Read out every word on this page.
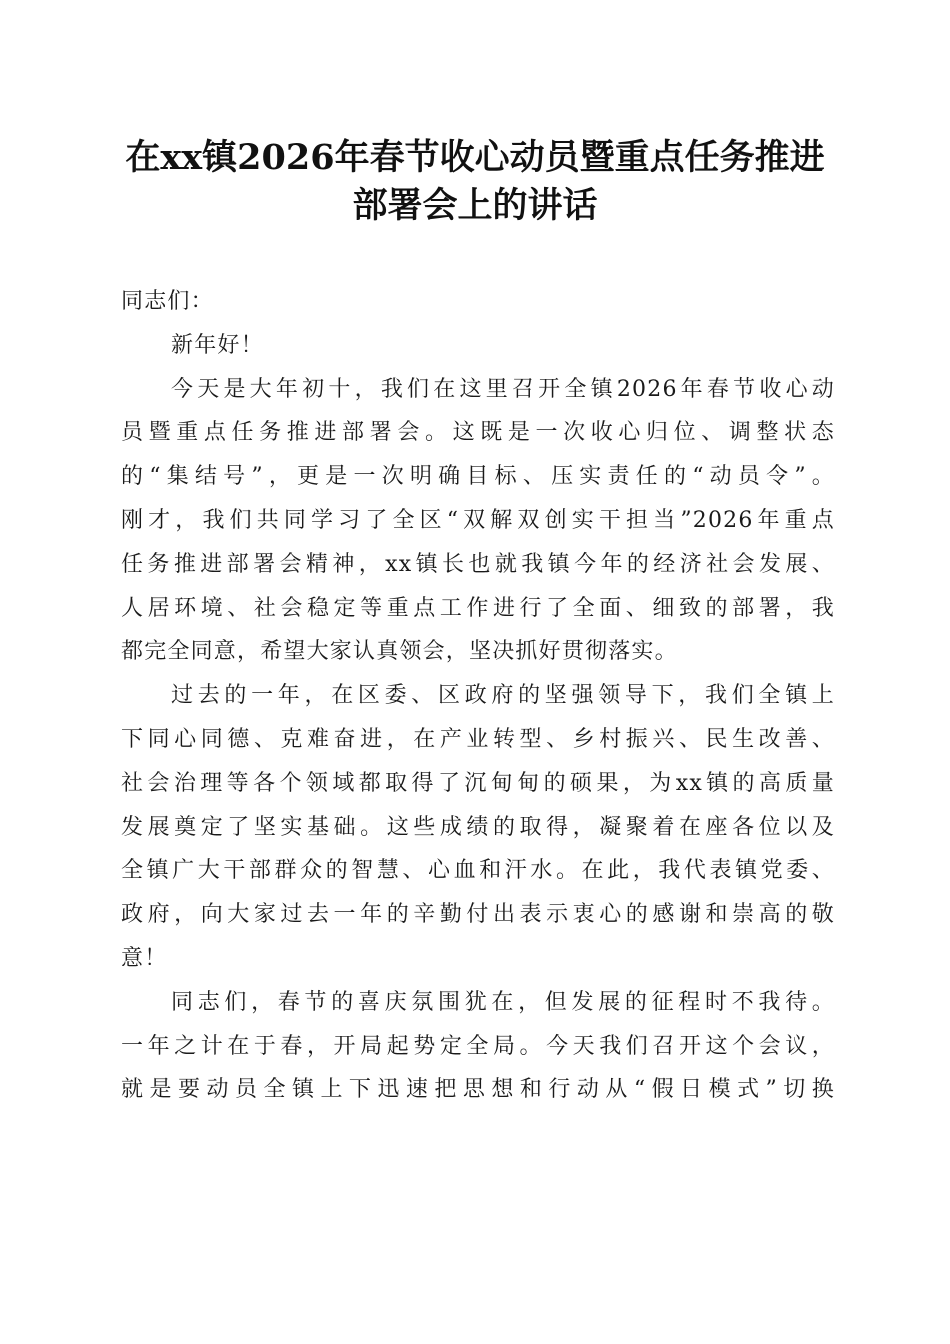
在xx镇2026年春节收心动员暨重点任务推进
部署会上的讲话
同志们：
新年好！
今天是大年初十，我们在这里召开全镇2026年春节收心动
员暨重点任务推进部署会。这既是一次收心归位、调整状态
的“集结号”，更是一次明确目标、压实责任的“动员令”。
刚才，我们共同学习了全区“双解双创实干担当”2026年重点
任务推进部署会精神，xx镇长也就我镇今年的经济社会发展、
人居环境、社会稳定等重点工作进行了全面、细致的部署，我
都完全同意，希望大家认真领会，坚决抓好贯彻落实。
过去的一年，在区委、区政府的坚强领导下，我们全镇上
下同心同德、克难奋进，在产业转型、乡村振兴、民生改善、
社会治理等各个领域都取得了沉甸甸的硕果，为xx镇的高质量
发展奠定了坚实基础。这些成绩的取得，凝聚着在座各位以及
全镇广大干部群众的智慧、心血和汗水。在此，我代表镇党委、
政府，向大家过去一年的辛勤付出表示衷心的感谢和崇高的敬
意！
同志们，春节的喜庆氛围犹在，但发展的征程时不我待。
一年之计在于春，开局起势定全局。今天我们召开这个会议，
就是要动员全镇上下迅速把思想和行动从“假日模式”切换
